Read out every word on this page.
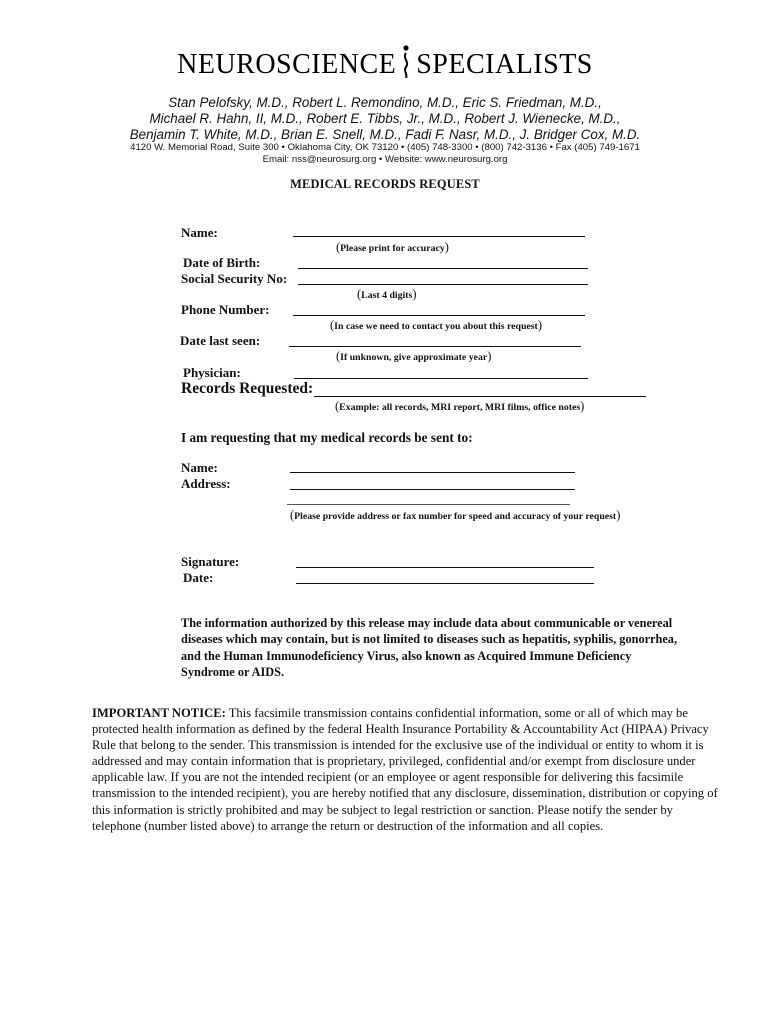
NEUROSCIENCE SPECIALISTS
Stan Pelofsky, M.D., Robert L. Remondino, M.D., Eric S. Friedman, M.D.,
Michael R. Hahn, II, M.D., Robert E. Tibbs, Jr., M.D., Robert J. Wienecke, M.D.,
Benjamin T. White, M.D., Brian E. Snell, M.D., Fadi F. Nasr, M.D., J. Bridger Cox, M.D.
4120 W. Memorial Road, Suite 300 • Oklahoma City, OK 73120 • (405) 748-3300 • (800) 742-3136 • Fax (405) 749-1671
Email: nss@neurosurg.org • Website: www.neurosurg.org
MEDICAL RECORDS REQUEST
Name:
(Please print for accuracy)
Date of Birth:
Social Security No:
(Last 4 digits)
Phone Number:
(In case we need to contact you about this request)
Date last seen:
(If unknown, give approximate year)
Physician:
Records Requested:
(Example: all records, MRI report, MRI films, office notes)
I am requesting that my medical records be sent to:
Name:
Address:
(Please provide address or fax number for speed and accuracy of your request)
Signature:
Date:
The information authorized by this release may include data about communicable or venereal diseases which may contain, but is not limited to diseases such as hepatitis, syphilis, gonorrhea, and the Human Immunodeficiency Virus, also known as Acquired Immune Deficiency Syndrome or AIDS.
IMPORTANT NOTICE: This facsimile transmission contains confidential information, some or all of which may be protected health information as defined by the federal Health Insurance Portability & Accountability Act (HIPAA) Privacy Rule that belong to the sender. This transmission is intended for the exclusive use of the individual or entity to whom it is addressed and may contain information that is proprietary, privileged, confidential and/or exempt from disclosure under applicable law. If you are not the intended recipient (or an employee or agent responsible for delivering this facsimile transmission to the intended recipient), you are hereby notified that any disclosure, dissemination, distribution or copying of this information is strictly prohibited and may be subject to legal restriction or sanction. Please notify the sender by telephone (number listed above) to arrange the return or destruction of the information and all copies.
